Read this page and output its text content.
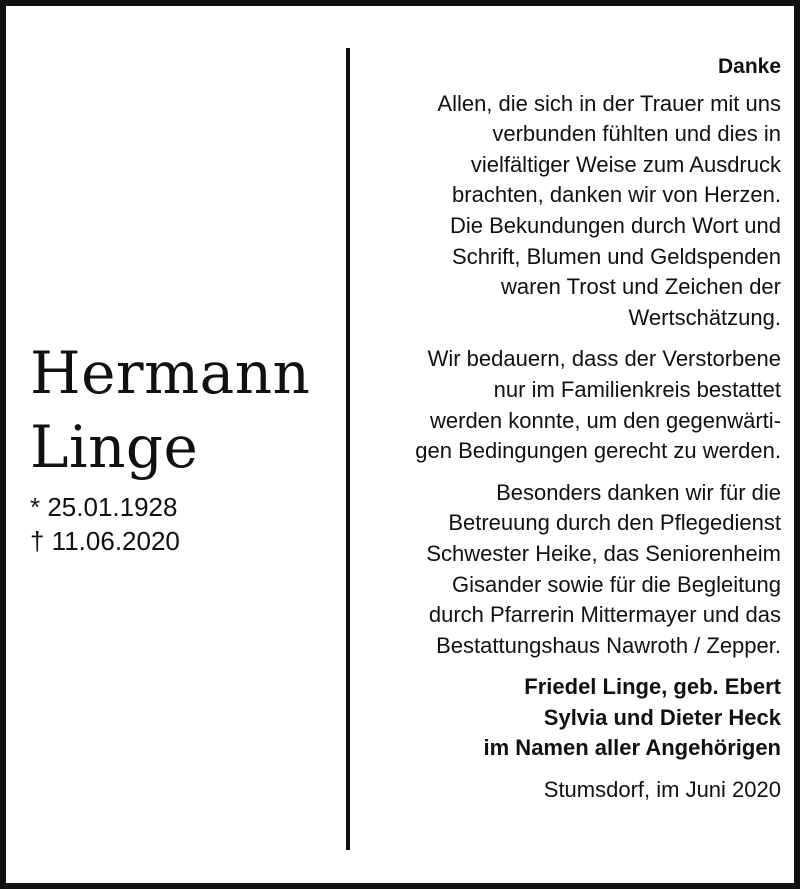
Hermann
Linge
* 25.01.1928
† 11.06.2020

Danke

Allen, die sich in der Trauer mit uns

verbunden fühlten und dies in

vielfältiger Weise zum Ausdruck

brachten, danken wir von Herzen.

Die Bekundungen durch Wort und

Schrift, Blumen und Geldspenden

waren Trost und Zeichen der

Wertschätzung.

Wir bedauern, dass der Verstorbene

nur im Familienkreis bestattet

werden konnte, um den gegenwärti-

gen Bedingungen gerecht zu werden.

Besonders danken wir für die

Betreuung durch den Pflegedienst

Schwester Heike, das Seniorenheim

Gisander sowie für die Begleitung

durch Pfarrerin Mittermayer und das

Bestattungshaus Nawroth / Zepper.

Friedel Linge, geb. Ebert

Sylvia und Dieter Heck

im Namen aller Angehörigen

Stumsdorf, im Juni 2020
